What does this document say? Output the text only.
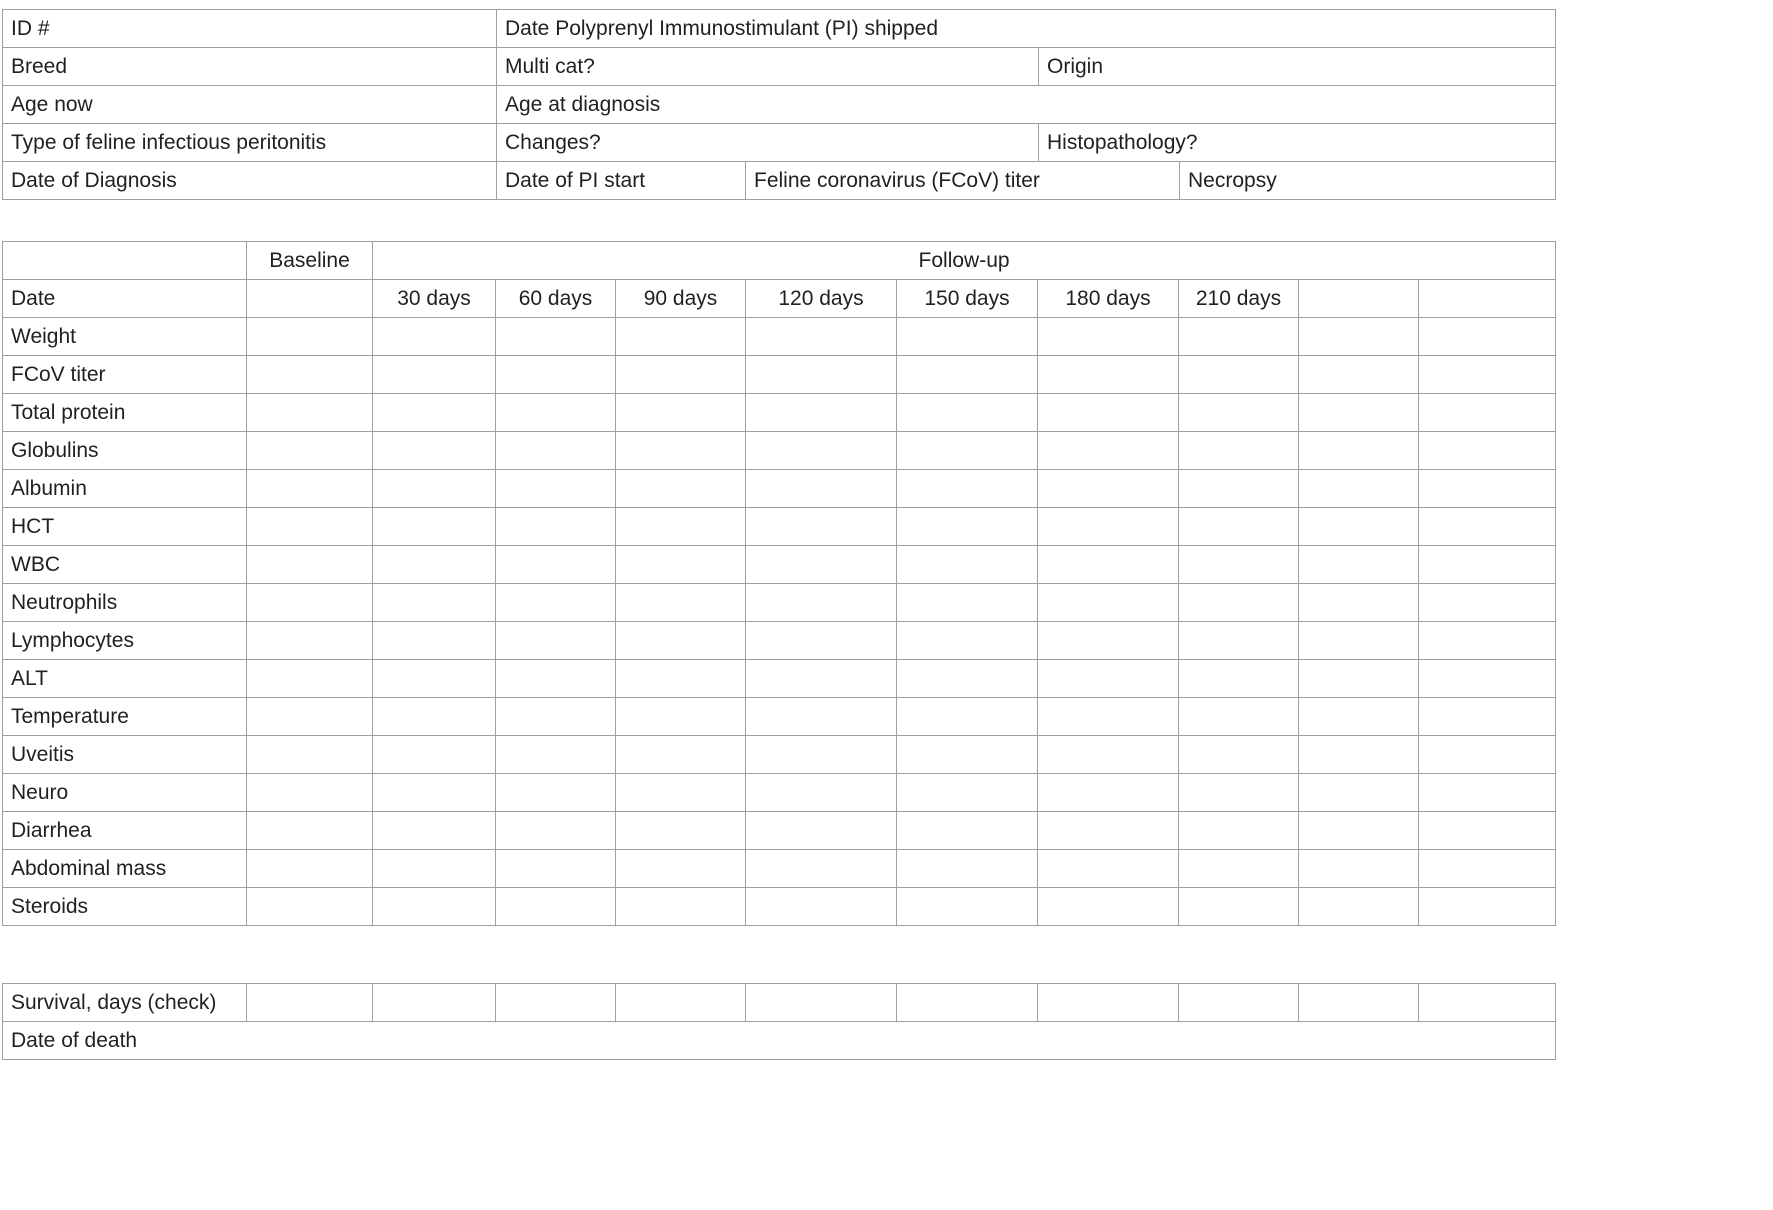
ID #	Date Polyprenyl Immunostimulant (PI) shipped			
Breed	Multi cat?		Origin	
Age now	Age at diagnosis			
Type of feline infectious peritonitis	Changes?		Histopathology?	
Date of Diagnosis	Date of PI start	Feline coronavirus (FCoV) titer		Necropsy
	Baseline	Follow-up								
Date		30 days	60 days	90 days	120 days	150 days	180 days	210 days		
Weight										
FCoV titer										
Total protein										
Globulins										
Albumin										
HCT										
WBC										
Neutrophils										
Lymphocytes										
ALT										
Temperature										
Uveitis										
Neuro										
Diarrhea										
Abdominal mass										
Steroids										
Survival, days (check)										
Date of death
